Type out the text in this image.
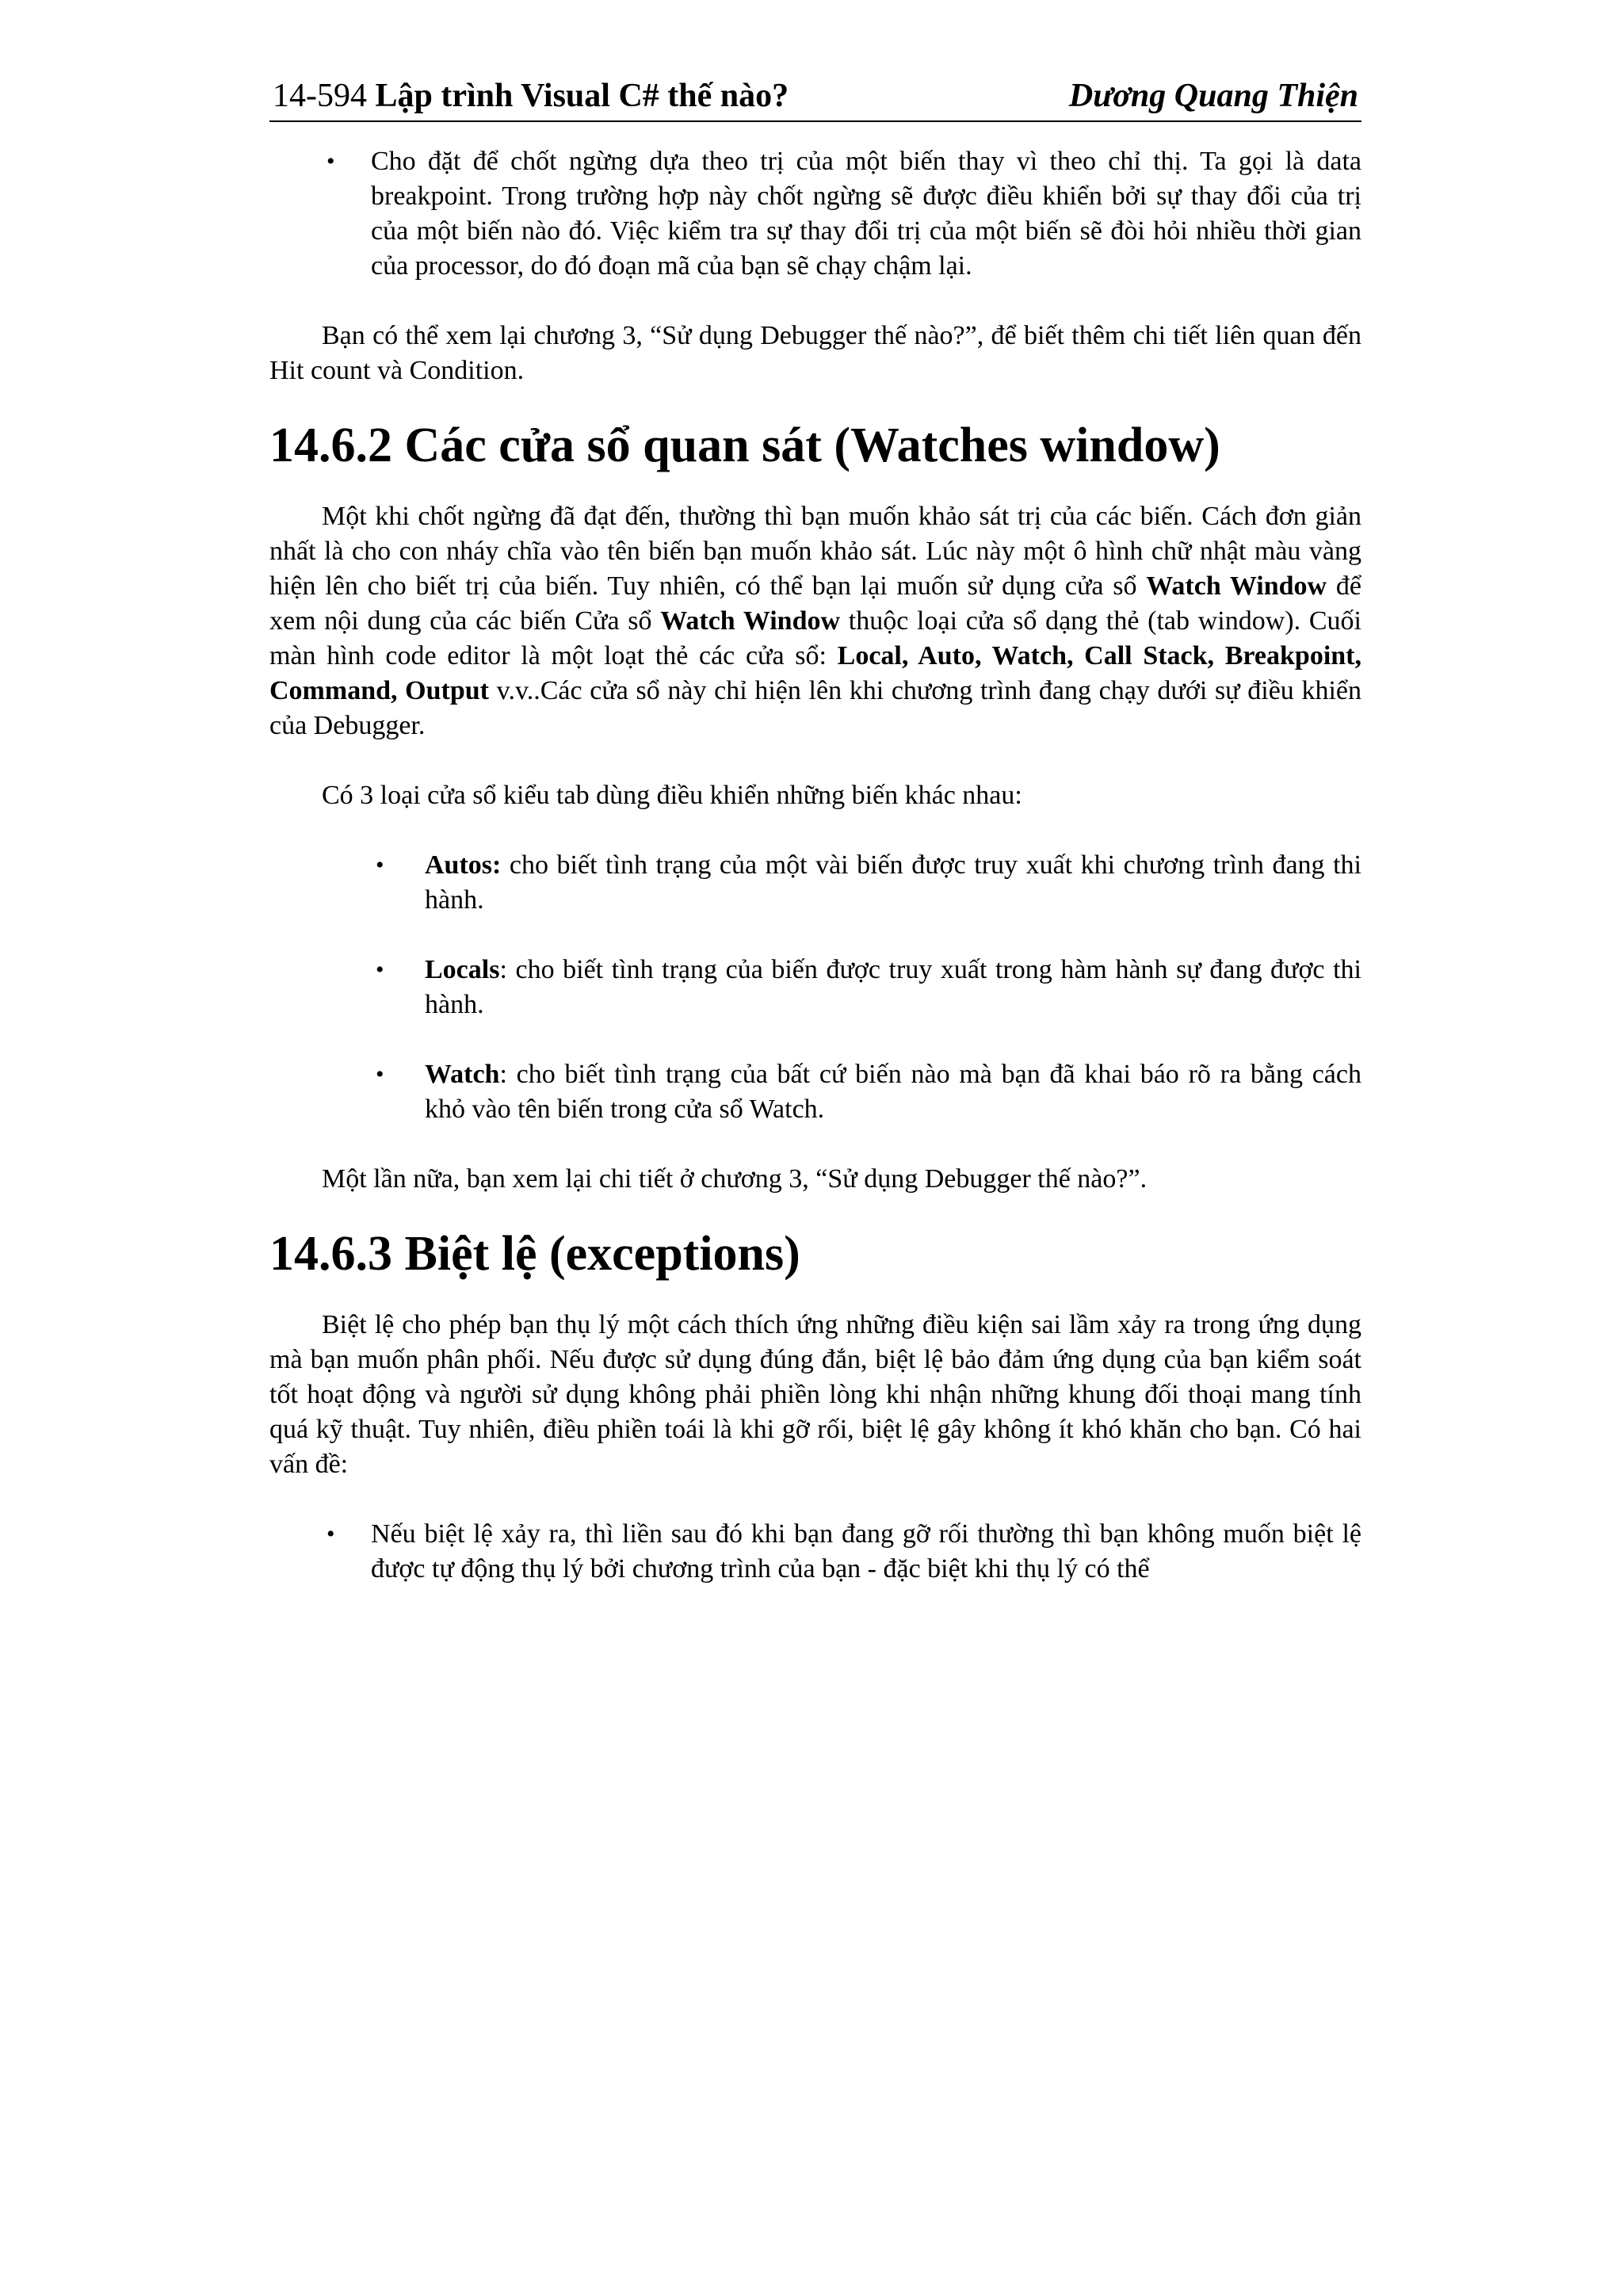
14-594 Lập trình Visual C# thế nào?	Dương Quang Thiện
• Cho đặt để chốt ngừng dựa theo trị của một biến thay vì theo chỉ thị. Ta gọi là data breakpoint. Trong trường hợp này chốt ngừng sẽ được điều khiển bởi sự thay đổi của trị của một biến nào đó. Việc kiểm tra sự thay đổi trị của một biến sẽ đòi hỏi nhiều thời gian của processor, do đó đoạn mã của bạn sẽ chạy chậm lại.

Bạn có thể xem lại chương 3, “Sử dụng Debugger thế nào?”, để biết thêm chi tiết liên quan đến Hit count và Condition.

14.6.2 Các cửa sổ quan sát (Watches window)

Một khi chốt ngừng đã đạt đến, thường thì bạn muốn khảo sát trị của các biến. Cách đơn giản nhất là cho con nháy chĩa vào tên biến bạn muốn khảo sát. Lúc này một ô hình chữ nhật màu vàng hiện lên cho biết trị của biến. Tuy nhiên, có thể bạn lại muốn sử dụng cửa sổ Watch Window để xem nội dung của các biến Cửa sổ Watch Window thuộc loại cửa sổ dạng thẻ (tab window). Cuối màn hình code editor là một loạt thẻ các cửa sổ: Local, Auto, Watch, Call Stack, Breakpoint, Command, Output v.v..Các cửa sổ này chỉ hiện lên khi chương trình đang chạy dưới sự điều khiển của Debugger.

Có 3 loại cửa sổ kiểu tab dùng điều khiển những biến khác nhau:

• Autos: cho biết tình trạng của một vài biến được truy xuất khi chương trình đang thi hành.
• Locals: cho biết tình trạng của biến được truy xuất trong hàm hành sự đang được thi hành.
• Watch: cho biết tình trạng của bất cứ biến nào mà bạn đã khai báo rõ ra bằng cách khỏ vào tên biến trong cửa sổ Watch.

Một lần nữa, bạn xem lại chi tiết ở chương 3, “Sử dụng Debugger thế nào?”.

14.6.3 Biệt lệ (exceptions)

Biệt lệ cho phép bạn thụ lý một cách thích ứng những điều kiện sai lầm xảy ra trong ứng dụng mà bạn muốn phân phối. Nếu được sử dụng đúng đắn, biệt lệ bảo đảm ứng dụng của bạn kiểm soát tốt hoạt động và người sử dụng không phải phiền lòng khi nhận những khung đối thoại mang tính quá kỹ thuật. Tuy nhiên, điều phiền toái là khi gỡ rối, biệt lệ gây không ít khó khăn cho bạn. Có hai vấn đề:

• Nếu biệt lệ xảy ra, thì liền sau đó khi bạn đang gỡ rối thường thì bạn không muốn biệt lệ được tự động thụ lý bởi chương trình của bạn - đặc biệt khi thụ lý có thể
